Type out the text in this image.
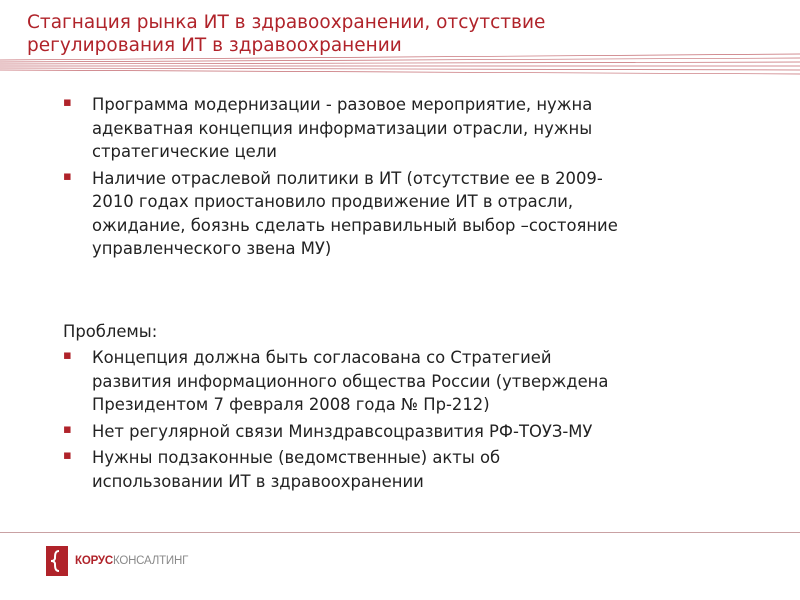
Стагнация рынка ИТ в здравоохранении, отсутствие
регулирования ИТ в здравоохранении
▪ Программа модернизации - разовое мероприятие, нужна
адекватная концепция информатизации отрасли, нужны
стратегические цели
▪ Наличие отраслевой политики в ИТ (отсутствие ее в 2009-
2010 годах приостановило продвижение ИТ в отрасли,
ожидание, боязнь сделать неправильный выбор –состояние
управленческого звена МУ)
Проблемы:
▪ Концепция должна быть согласована со Стратегией
развития информационного общества России (утверждена
Президентом 7 февраля 2008 года № Пр-212)
▪ Нет регулярной связи Минздравсоцразвития РФ-ТОУЗ-МУ
▪ Нужны подзаконные (ведомственные) акты об
использовании ИТ в здравоохранении
КОРУСКОНСАЛТИНГ
